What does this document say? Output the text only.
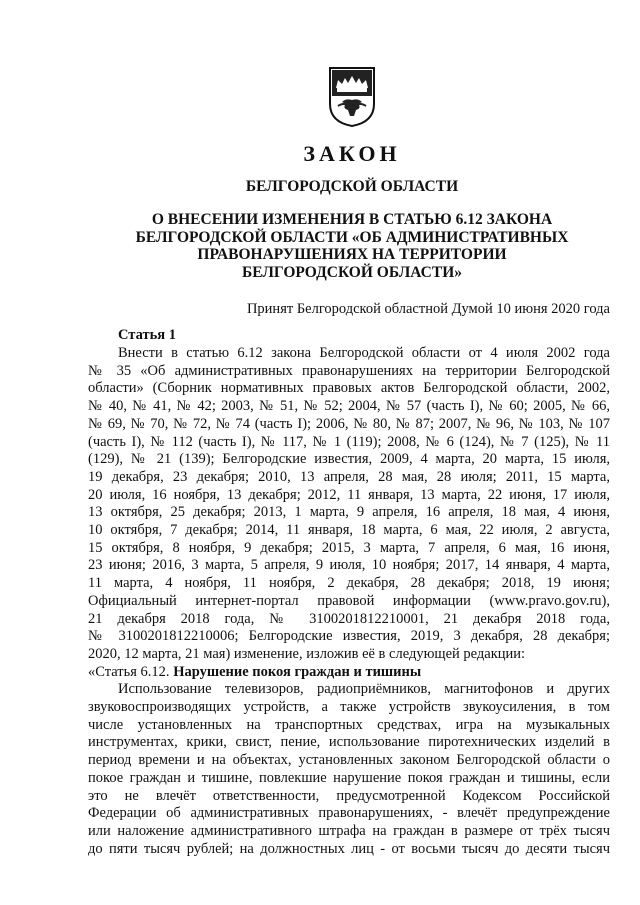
ЗАКОН
БЕЛГОРОДСКОЙ ОБЛАСТИ
О ВНЕСЕНИИ ИЗМЕНЕНИЯ В СТАТЬЮ 6.12 ЗАКОНА
БЕЛГОРОДСКОЙ ОБЛАСТИ «ОБ АДМИНИСТРАТИВНЫХ
ПРАВОНАРУШЕНИЯХ НА ТЕРРИТОРИИ
БЕЛГОРОДСКОЙ ОБЛАСТИ»
Принят Белгородской областной Думой 10 июня 2020 года
Статья 1
Внести в статью 6.12 закона Белгородской области от 4 июля 2002 года
№ 35 «Об административных правонарушениях на территории Белгородской
области» (Сборник нормативных правовых актов Белгородской области, 2002,
№ 40, № 41, № 42; 2003, № 51, № 52; 2004, № 57 (часть I), № 60; 2005, № 66,
№ 69, № 70, № 72, № 74 (часть I); 2006, № 80, № 87; 2007, № 96, № 103, № 107
(часть I), № 112 (часть I), № 117, № 1 (119); 2008, № 6 (124), № 7 (125), № 11
(129), № 21 (139); Белгородские известия, 2009, 4 марта, 20 марта, 15 июля,
19 декабря, 23 декабря; 2010, 13 апреля, 28 мая, 28 июля; 2011, 15 марта,
20 июля, 16 ноября, 13 декабря; 2012, 11 января, 13 марта, 22 июня, 17 июля,
13 октября, 25 декабря; 2013, 1 марта, 9 апреля, 16 апреля, 18 мая, 4 июня,
10 октября, 7 декабря; 2014, 11 января, 18 марта, 6 мая, 22 июля, 2 августа,
15 октября, 8 ноября, 9 декабря; 2015, 3 марта, 7 апреля, 6 мая, 16 июня,
23 июня; 2016, 3 марта, 5 апреля, 9 июля, 10 ноября; 2017, 14 января, 4 марта,
11 марта, 4 ноября, 11 ноября, 2 декабря, 28 декабря; 2018, 19 июня;
Официальный интернет-портал правовой информации (www.pravo.gov.ru),
21 декабря 2018 года, № 3100201812210001, 21 декабря 2018 года,
№ 3100201812210006; Белгородские известия, 2019, 3 декабря, 28 декабря;
2020, 12 марта, 21 мая) изменение, изложив её в следующей редакции:
«Статья 6.12. Нарушение покоя граждан и тишины
Использование телевизоров, радиоприёмников, магнитофонов и других
звуковоспроизводящих устройств, а также устройств звукоусиления, в том
числе установленных на транспортных средствах, игра на музыкальных
инструментах, крики, свист, пение, использование пиротехнических изделий в
период времени и на объектах, установленных законом Белгородской области о
покое граждан и тишине, повлекшие нарушение покоя граждан и тишины, если
это не влечёт ответственности, предусмотренной Кодексом Российской
Федерации об административных правонарушениях, - влечёт предупреждение
или наложение административного штрафа на граждан в размере от трёх тысяч
до пяти тысяч рублей; на должностных лиц - от восьми тысяч до десяти тысяч
